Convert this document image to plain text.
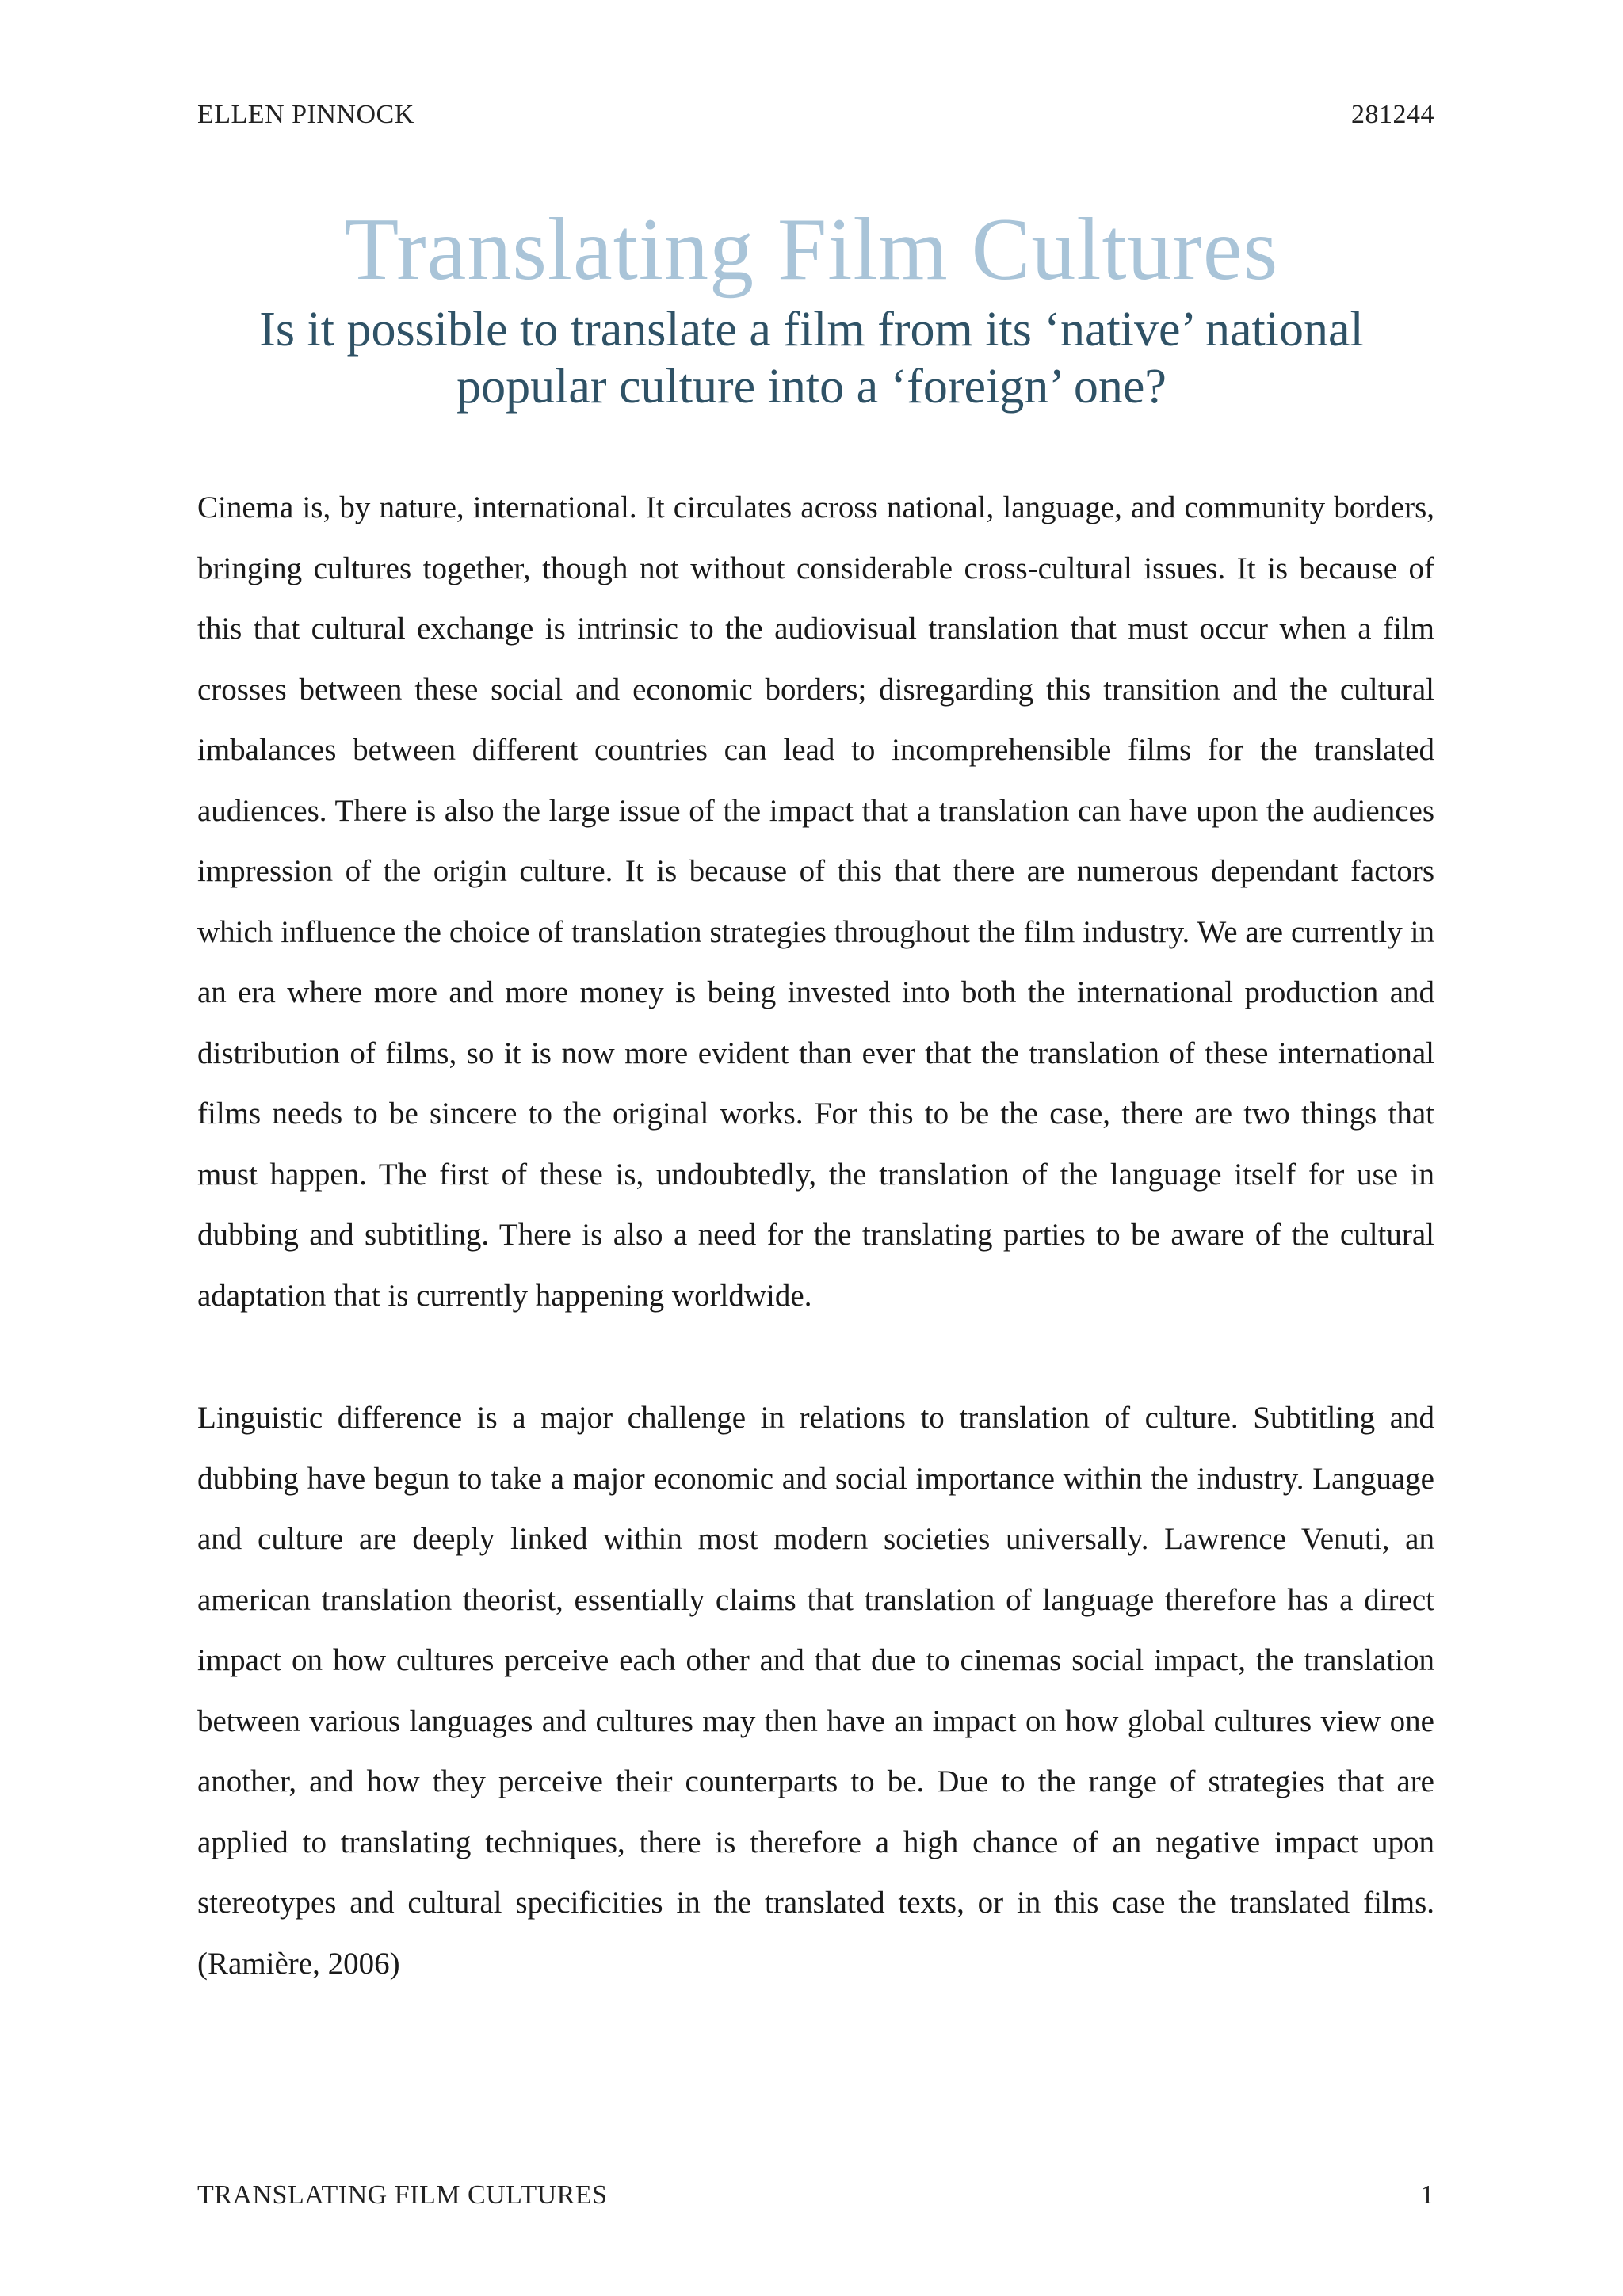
ELLEN PINNOCK	281244
Translating Film Cultures
Is it possible to translate a film from its ‘native’ national popular culture into a ‘foreign’ one?

Cinema is, by nature, international. It circulates across national, language, and community borders, bringing cultures together, though not without considerable cross-cultural issues. It is because of this that cultural exchange is intrinsic to the audiovisual translation that must occur when a film crosses between these social and economic borders; disregarding this transition and the cultural imbalances between different countries can lead to incomprehensible films for the translated audiences. There is also the large issue of the impact that a translation can have upon the audiences impression of the origin culture. It is because of this that there are numerous dependant factors which influence the choice of translation strategies throughout the film industry. We are currently in an era where more and more money is being invested into both the international production and distribution of films, so it is now more evident than ever that the translation of these international films needs to be sincere to the original works. For this to be the case, there are two things that must happen. The first of these is, undoubtedly, the translation of the language itself for use in dubbing and subtitling. There is also a need for the translating parties to be aware of the cultural adaptation that is currently happening worldwide.

Linguistic difference is a major challenge in relations to translation of culture. Subtitling and dubbing have begun to take a major economic and social importance within the industry. Language and culture are deeply linked within most modern societies universally. Lawrence Venuti, an american translation theorist, essentially claims that translation of language therefore has a direct impact on how cultures perceive each other and that due to cinemas social impact, the translation between various languages and cultures may then have an impact on how global cultures view one another, and how they perceive their counterparts to be. Due to the range of strategies that are applied to translating techniques, there is therefore a high chance of an negative impact upon stereotypes and cultural specificities in the translated texts, or in this case the translated films. (Ramière, 2006)

TRANSLATING FILM CULTURES	1
